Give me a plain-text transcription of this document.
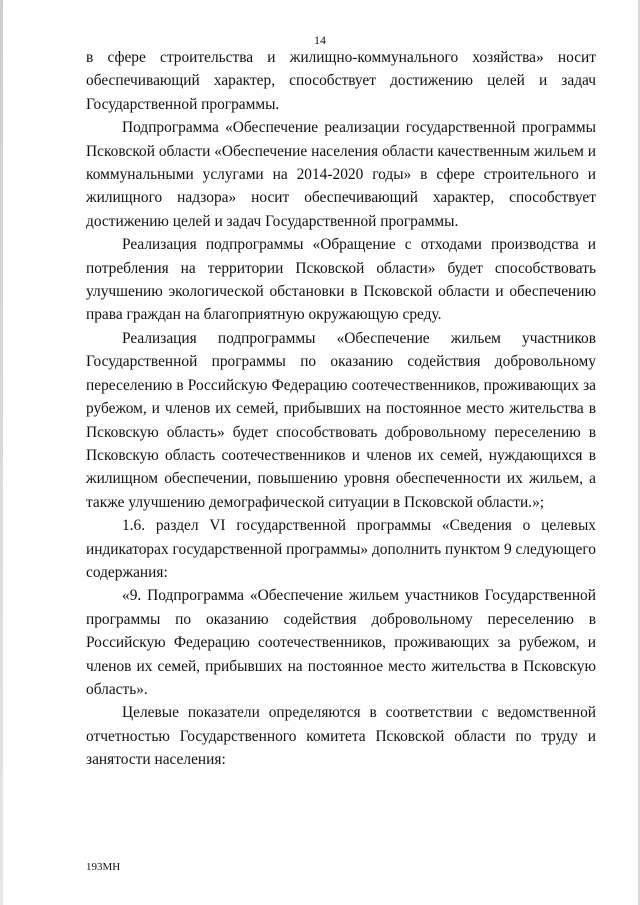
14

в сфере строительства и жилищно-коммунального хозяйства» носит обеспечивающий характер, способствует достижению целей и задач Государственной программы.

Подпрограмма «Обеспечение реализации государственной программы Псковской области «Обеспечение населения области качественным жильем и коммунальными услугами на 2014-2020 годы» в сфере строительного и жилищного надзора» носит обеспечивающий характер, способствует достижению целей и задач Государственной программы.

Реализация подпрограммы «Обращение с отходами производства и потребления на территории Псковской области» будет способствовать улучшению экологической обстановки в Псковской области и обеспечению права граждан на благоприятную окружающую среду.

Реализация подпрограммы «Обеспечение жильем участников Государственной программы по оказанию содействия добровольному переселению в Российскую Федерацию соотечественников, проживающих за рубежом, и членов их семей, прибывших на постоянное место жительства в Псковскую область» будет способствовать добровольному переселению в Псковскую область соотечественников и членов их семей, нуждающихся в жилищном обеспечении, повышению уровня обеспеченности их жильем, а также улучшению демографической ситуации в Псковской области.»;

1.6. раздел VI государственной программы «Сведения о целевых индикаторах государственной программы» дополнить пунктом 9 следующего содержания:

«9. Подпрограмма «Обеспечение жильем участников Государственной программы по оказанию содействия добровольному переселению в Российскую Федерацию соотечественников, проживающих за рубежом, и членов их семей, прибывших на постоянное место жительства в Псковскую область».

Целевые показатели определяются в соответствии с ведомственной отчетностью Государственного комитета Псковской области по труду и занятости населения:

193МН
